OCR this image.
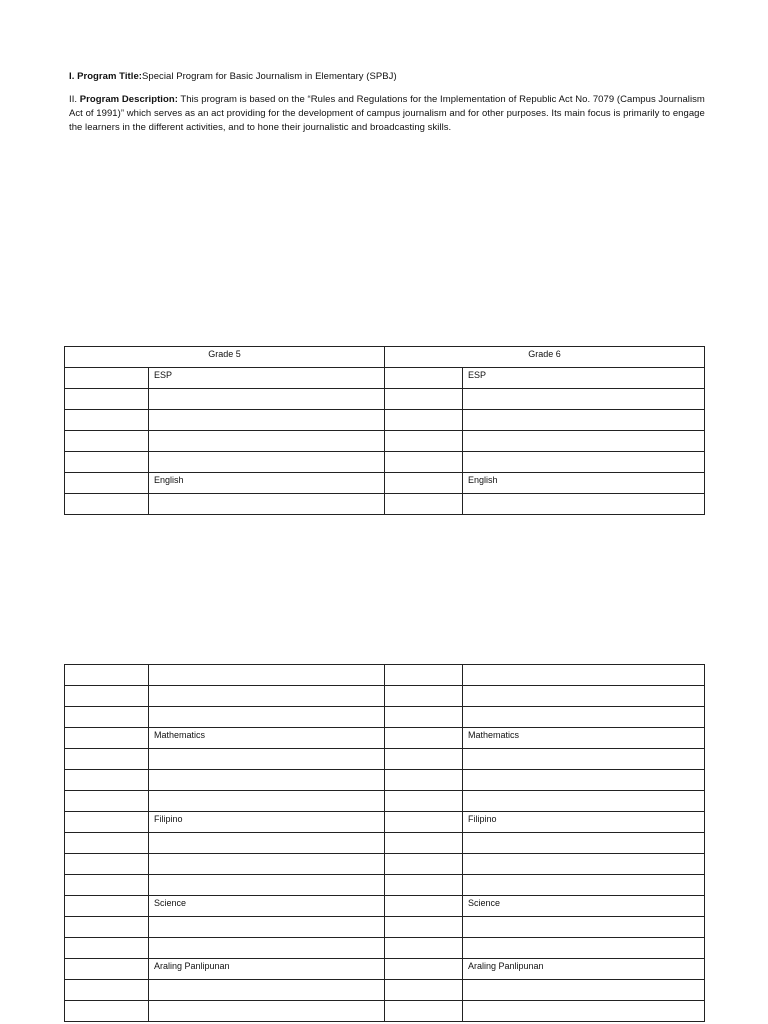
I. Program Title:Special Program for Basic Journalism in Elementary (SPBJ)
II. Program Description: This program is based on the “Rules and Regulations for the Implementation of Republic Act No. 7079 (Campus Journalism Act of 1991)” which serves as an act providing for the development of campus journalism and for other purposes. Its main focus is primarily to engage the learners in the different activities, and to hone their journalistic and broadcasting skills.
Grade 5		Grade 6	
	ESP		ESP

	English		English

	Mathematics		Mathematics

	Filipino		Filipino

	Science		Science

	Araling Panlipunan		Araling Panlipunan
